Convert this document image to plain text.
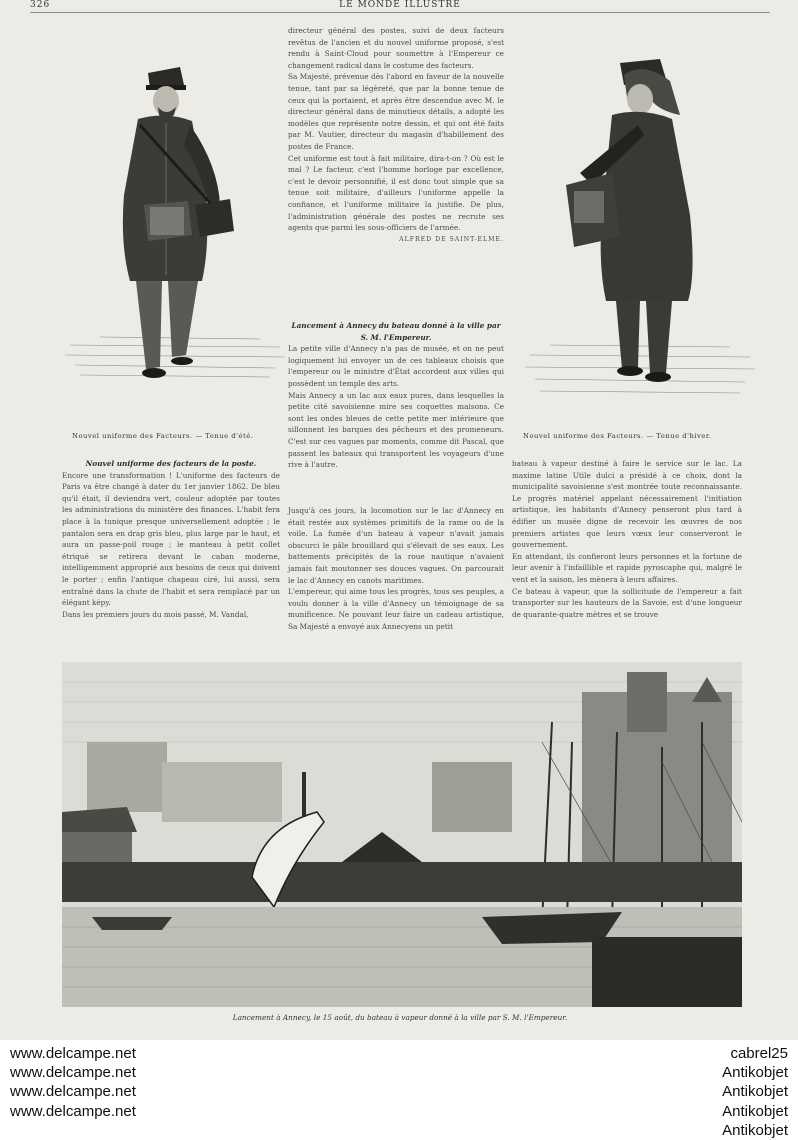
326	LE MONDE ILLUSTRÉ
Nouvel uniforme des Facteurs. — Tenue d'été.	Nouvel uniforme des Facteurs. — Tenue d'hiver.

directeur général des postes, suivi de deux facteurs revêtus de l'ancien et du nouvel uniforme proposé, s'est rendu à Saint-Cloud pour soumettre à l'Empereur ce changement radical dans le costume des facteurs.

Sa Majesté, prévenue dès l'abord en faveur de la nouvelle tenue, tant par sa légèreté, que par la bonne tenue de ceux qui la portaient, et après être descendue avec M. le directeur général dans de minutieux détails, a adopté les modèles que représente notre dessin, et qui ont été faits par M. Vautier, directeur du magasin d'habillement des postes de France.

Cet uniforme est tout à fait militaire, dira-t-on ? Où est le mal ? Le facteur, c'est l'homme horloge par excellence, c'est le devoir personnifié, il est donc tout simple que sa tenue soit militaire, d'ailleurs l'uniforme appelle la confiance, et l'uniforme militaire la justifie. De plus, l'administration générale des postes ne recrute ses agents que parmi les sous-officiers de l'armée.

ALFRED DE SAINT-ELME.

Lancement à Annecy du bateau donné à la ville par S. M. l'Empereur.

La petite ville d'Annecy n'a pas de musée, et on ne peut logiquement lui envoyer un de ces tableaux choisis que l'empereur ou le ministre d'État accordent aux villes qui possèdent un temple des arts.

Mais Annecy a un lac aux eaux pures, dans lesquelles la petite cité savoisienne mire ses coquettes maisons. Ce sont les ondes bleues de cette petite mer intérieure que sillonnent les barques des pêcheurs et des promeneurs. C'est sur ces vagues par moments, comme dit Pascal, que passent les bateaux qui transportent les voyageurs d'une rive à l'autre.

Nouvel uniforme des facteurs de la poste.

Encore une transformation ! L'uniforme des facteurs de Paris va être changé à dater du 1er janvier 1862. De bleu qu'il était, il deviendra vert, couleur adoptée par toutes les administrations du ministère des finances. L'habit fera place à la tunique presque universellement adoptée ; le pantalon sera en drap gris bleu, plus large par le haut, et aura un passe-poil rouge ; le manteau à petit collet étriqué se retirera devant le caban moderne, intelligemment approprié aux besoins de ceux qui doivent le porter ; enfin l'antique chapeau ciré, lui aussi, sera entraîné dans la chute de l'habit et sera remplacé par un élégant képy.

Dans les premiers jours du mois passé, M. Vandal,

Jusqu'à ces jours, la locomotion sur le lac d'Annecy en était restée aux systèmes primitifs de la rame ou de la voile. La fumée d'un bateau à vapeur n'avait jamais obscurci le pâle brouillard qui s'élevait de ses eaux. Les battements précipités de la roue nautique n'avaient jamais fait moutonner ses douces vagues. On parcourait le lac d'Annecy en canots maritimes.

L'empereur, qui aime tous les progrès, tous ses peuples, a voulu donner à la ville d'Annecy un témoignage de sa munificence. Ne pouvant leur faire un cadeau artistique, Sa Majesté a envoyé aux Annecyens un petit

bateau à vapeur destiné à faire le service sur le lac. La maxime latine Utile dulci a présidé à ce choix, dont la municipalité savoisienne s'est montrée toute reconnaissante. Le progrès matériel appelant nécessairement l'initiation artistique, les habitants d'Annecy penseront plus tard à édifier un musée digne de recevoir les œuvres de nos premiers artistes que leurs vœux leur conserveront le gouvernement.

En attendant, ils confieront leurs personnes et la fortune de leur avenir à l'infaillible et rapide pyroscaphe qui, malgré le vent et la saison, les mènera à leurs affaires.

Ce bateau à vapeur, que la sollicitude de l'empereur a fait transporter sur les hauteurs de la Savoie, est d'une longueur de quarante-quatre mètres et se trouve

Lancement à Annecy, le 15 août, du bateau à vapeur donné à la ville par S. M. l'Empereur.
www.delcampe.net
www.delcampe.net
www.delcampe.net
www.delcampe.net
cabrel25
Antikobjet
Antikobjet
Antikobjet
Antikobjet
